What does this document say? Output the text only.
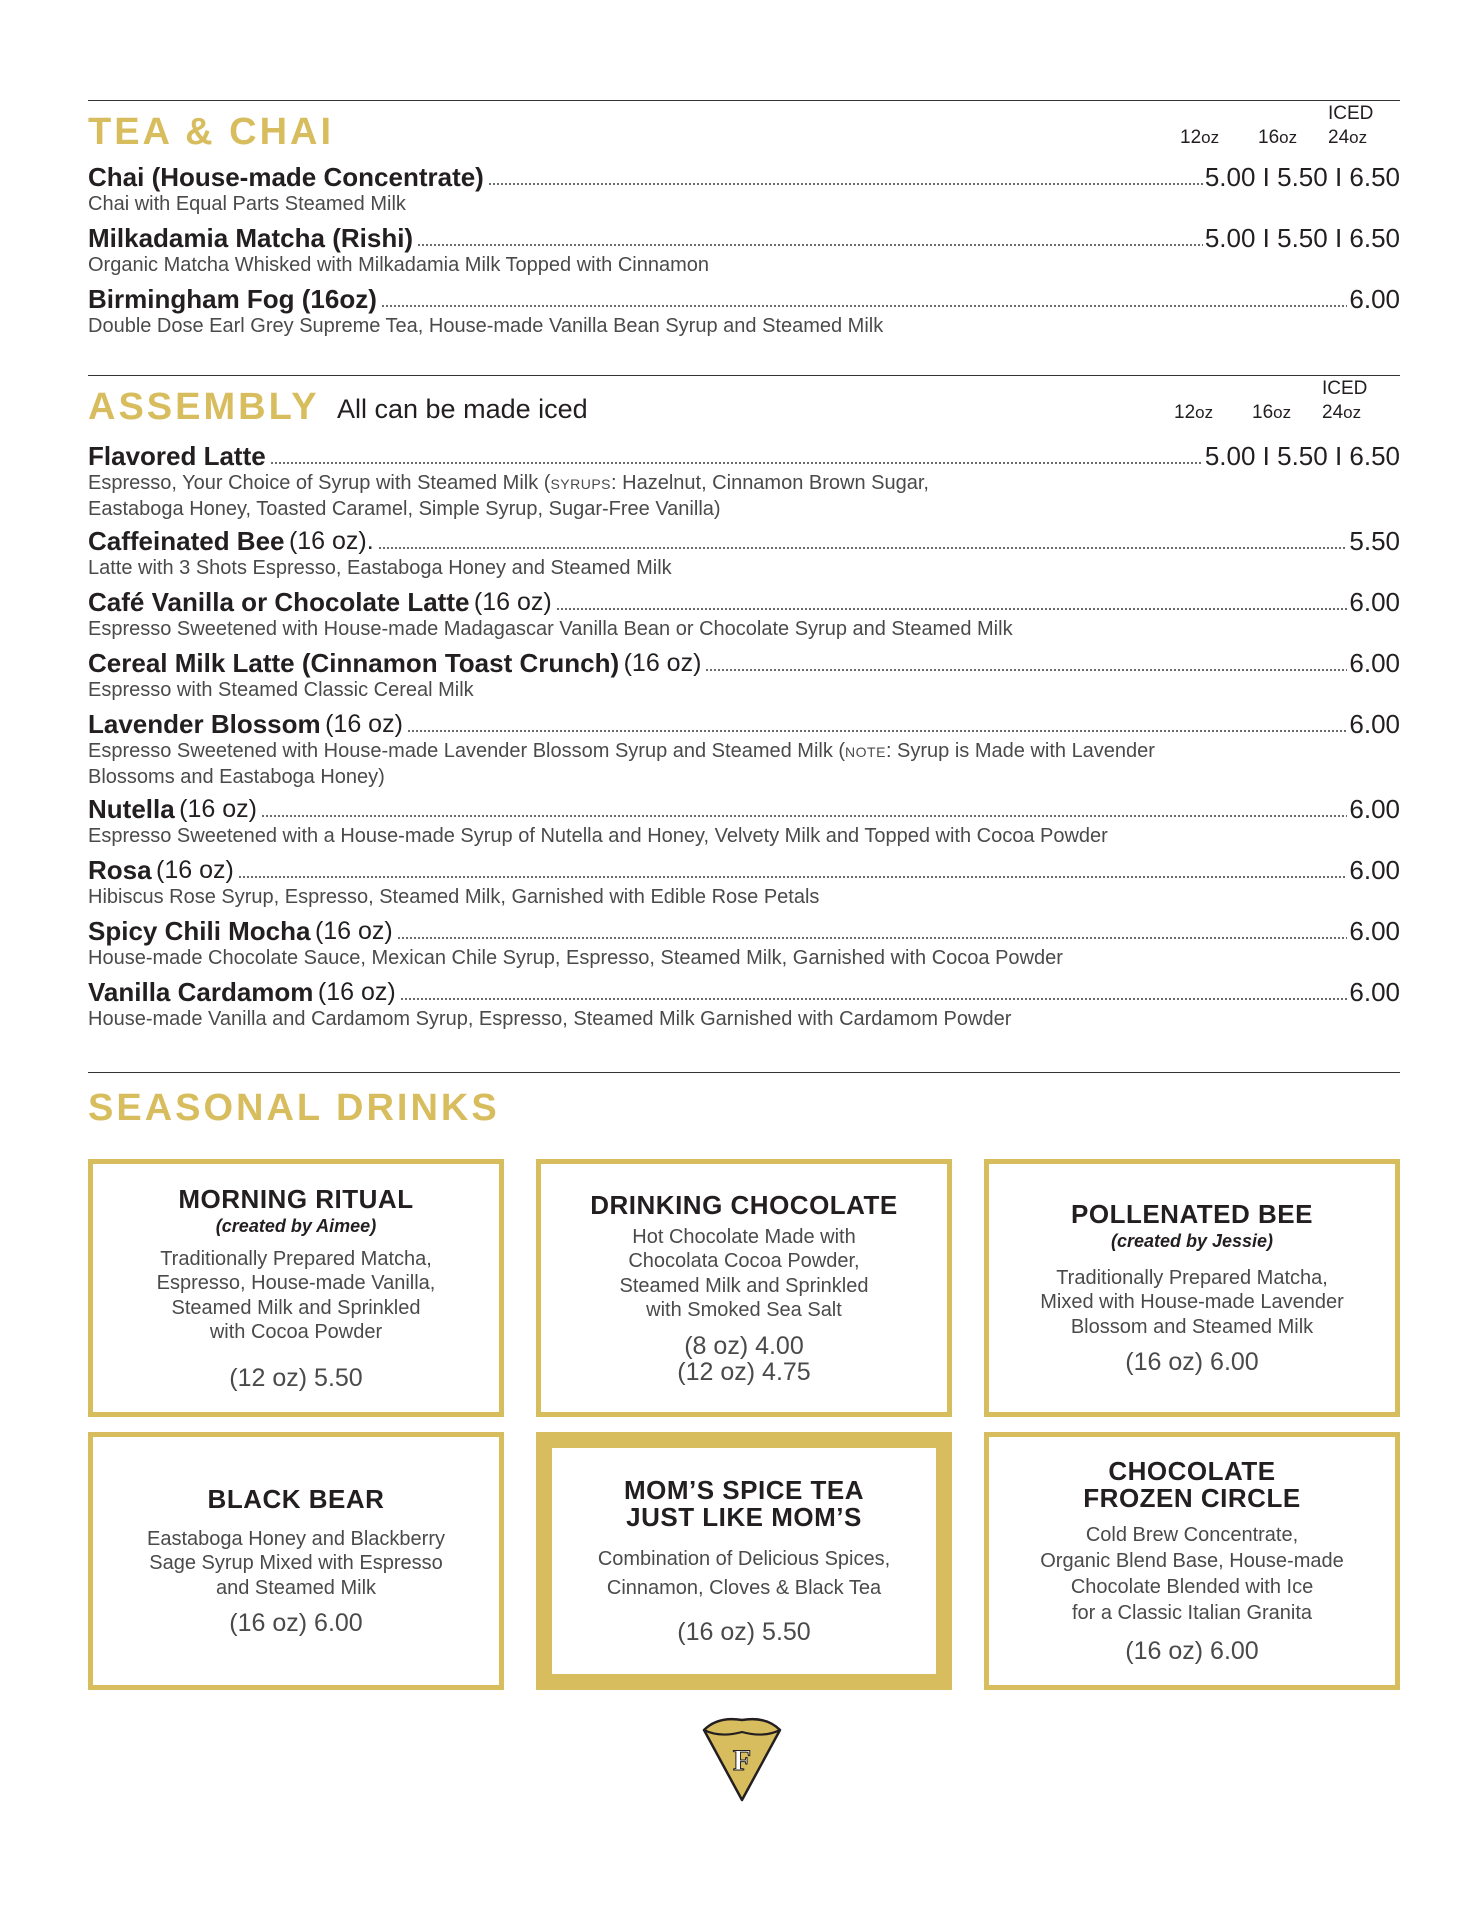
TEA & CHAI	ICED
12oz 16oz 24oz
Chai (House-made Concentrate)	5.00 I 5.50 I 6.50
Chai with Equal Parts Steamed Milk
Milkadamia Matcha (Rishi)	5.00 I 5.50 I 6.50
Organic Matcha Whisked with Milkadamia Milk Topped with Cinnamon
Birmingham Fog (16oz)	6.00
Double Dose Earl Grey Supreme Tea, House-made Vanilla Bean Syrup and Steamed Milk
ASSEMBLY All can be made iced
ICED
12oz 16oz 24oz
Flavored Latte	5.00 I 5.50 I 6.50
Espresso, Your Choice of Syrup with Steamed Milk (SYRUPS: Hazelnut, Cinnamon Brown Sugar,
Eastaboga Honey, Toasted Caramel, Simple Syrup, Sugar-Free Vanilla)
Caffeinated Bee
(16 oz).	5.50
Latte with 3 Shots Espresso, Eastaboga Honey and Steamed Milk
Café Vanilla or Chocolate Latte
(16 oz)	6.00
Espresso Sweetened with House-made Madagascar Vanilla Bean or Chocolate Syrup and Steamed Milk
Cereal Milk Latte (Cinnamon Toast Crunch)
(16 oz)	6.00
Espresso with Steamed Classic Cereal Milk
Lavender Blossom
(16 oz)	6.00
Espresso Sweetened with House-made Lavender Blossom Syrup and Steamed Milk (NOTE: Syrup is Made with Lavender
Blossoms and Eastaboga Honey)
Nutella
(16 oz)	6.00
Espresso Sweetened with a House-made Syrup of Nutella and Honey, Velvety Milk and Topped with Cocoa Powder
Rosa
(16 oz)	6.00
Hibiscus Rose Syrup, Espresso, Steamed Milk, Garnished with Edible Rose Petals
Spicy Chili Mocha
(16 oz)	6.00
House-made Chocolate Sauce, Mexican Chile Syrup, Espresso, Steamed Milk, Garnished with Cocoa Powder
Vanilla Cardamom
(16 oz)	6.00
House-made Vanilla and Cardamom Syrup, Espresso, Steamed Milk Garnished with Cardamom Powder
SEASONAL DRINKS
MORNING RITUAL
(created by Aimee)
Traditionally Prepared Matcha,
Espresso, House-made Vanilla,
Steamed Milk and Sprinkled
with Cocoa Powder
(12 oz) 5.50
DRINKING CHOCOLATE
Hot Chocolate Made with
Chocolata Cocoa Powder,
Steamed Milk and Sprinkled
with Smoked Sea Salt
(8 oz) 4.00
(12 oz) 4.75
POLLENATED BEE
(created by Jessie)
Traditionally Prepared Matcha,
Mixed with House-made Lavender
Blossom and Steamed Milk
(16 oz) 6.00
BLACK BEAR
Eastaboga Honey and Blackberry
Sage Syrup Mixed with Espresso
and Steamed Milk
(16 oz) 6.00
MOM’S SPICE TEA
JUST LIKE MOM’S
Combination of Delicious Spices,
Cinnamon, Cloves & Black Tea
(16 oz) 5.50
CHOCOLATE
FROZEN CIRCLE
Cold Brew Concentrate,
Organic Blend Base, House-made
Chocolate Blended with Ice
for a Classic Italian Granita
(16 oz) 6.00
F
